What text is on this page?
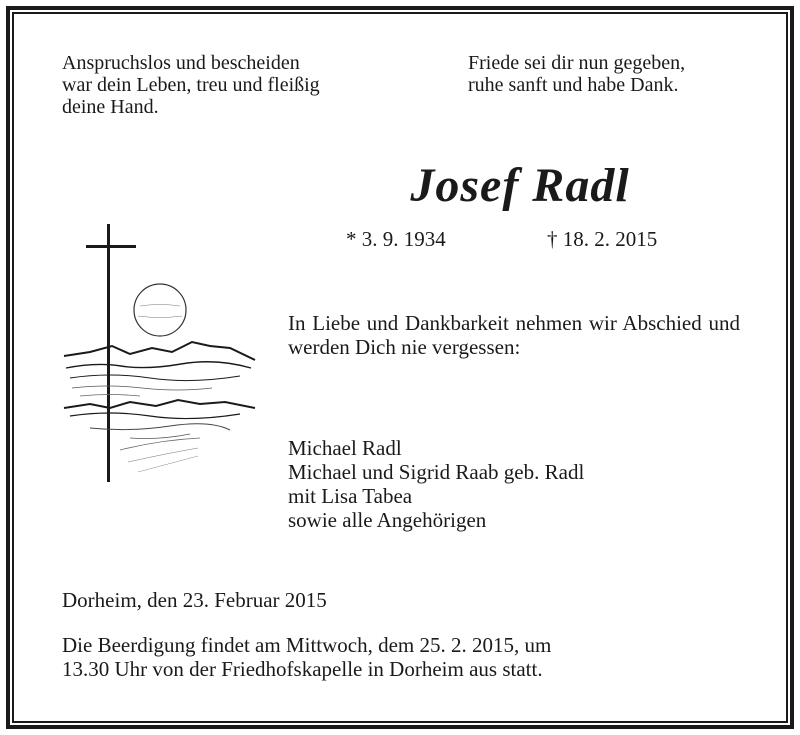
Anspruchslos und bescheiden
war dein Leben, treu und fleißig
deine Hand.

Friede sei dir nun gegeben,
ruhe sanft und habe Dank.

Josef Radl
* 3. 9. 1934	† 18. 2. 2015

In Liebe und Dankbarkeit nehmen wir Abschied und werden Dich nie vergessen:

Michael Radl
Michael und Sigrid Raab geb. Radl
mit Lisa Tabea
sowie alle Angehörigen

Dorheim, den 23. Februar 2015

Die Beerdigung findet am Mittwoch, dem 25. 2. 2015, um
13.30 Uhr von der Friedhofskapelle in Dorheim aus statt.
